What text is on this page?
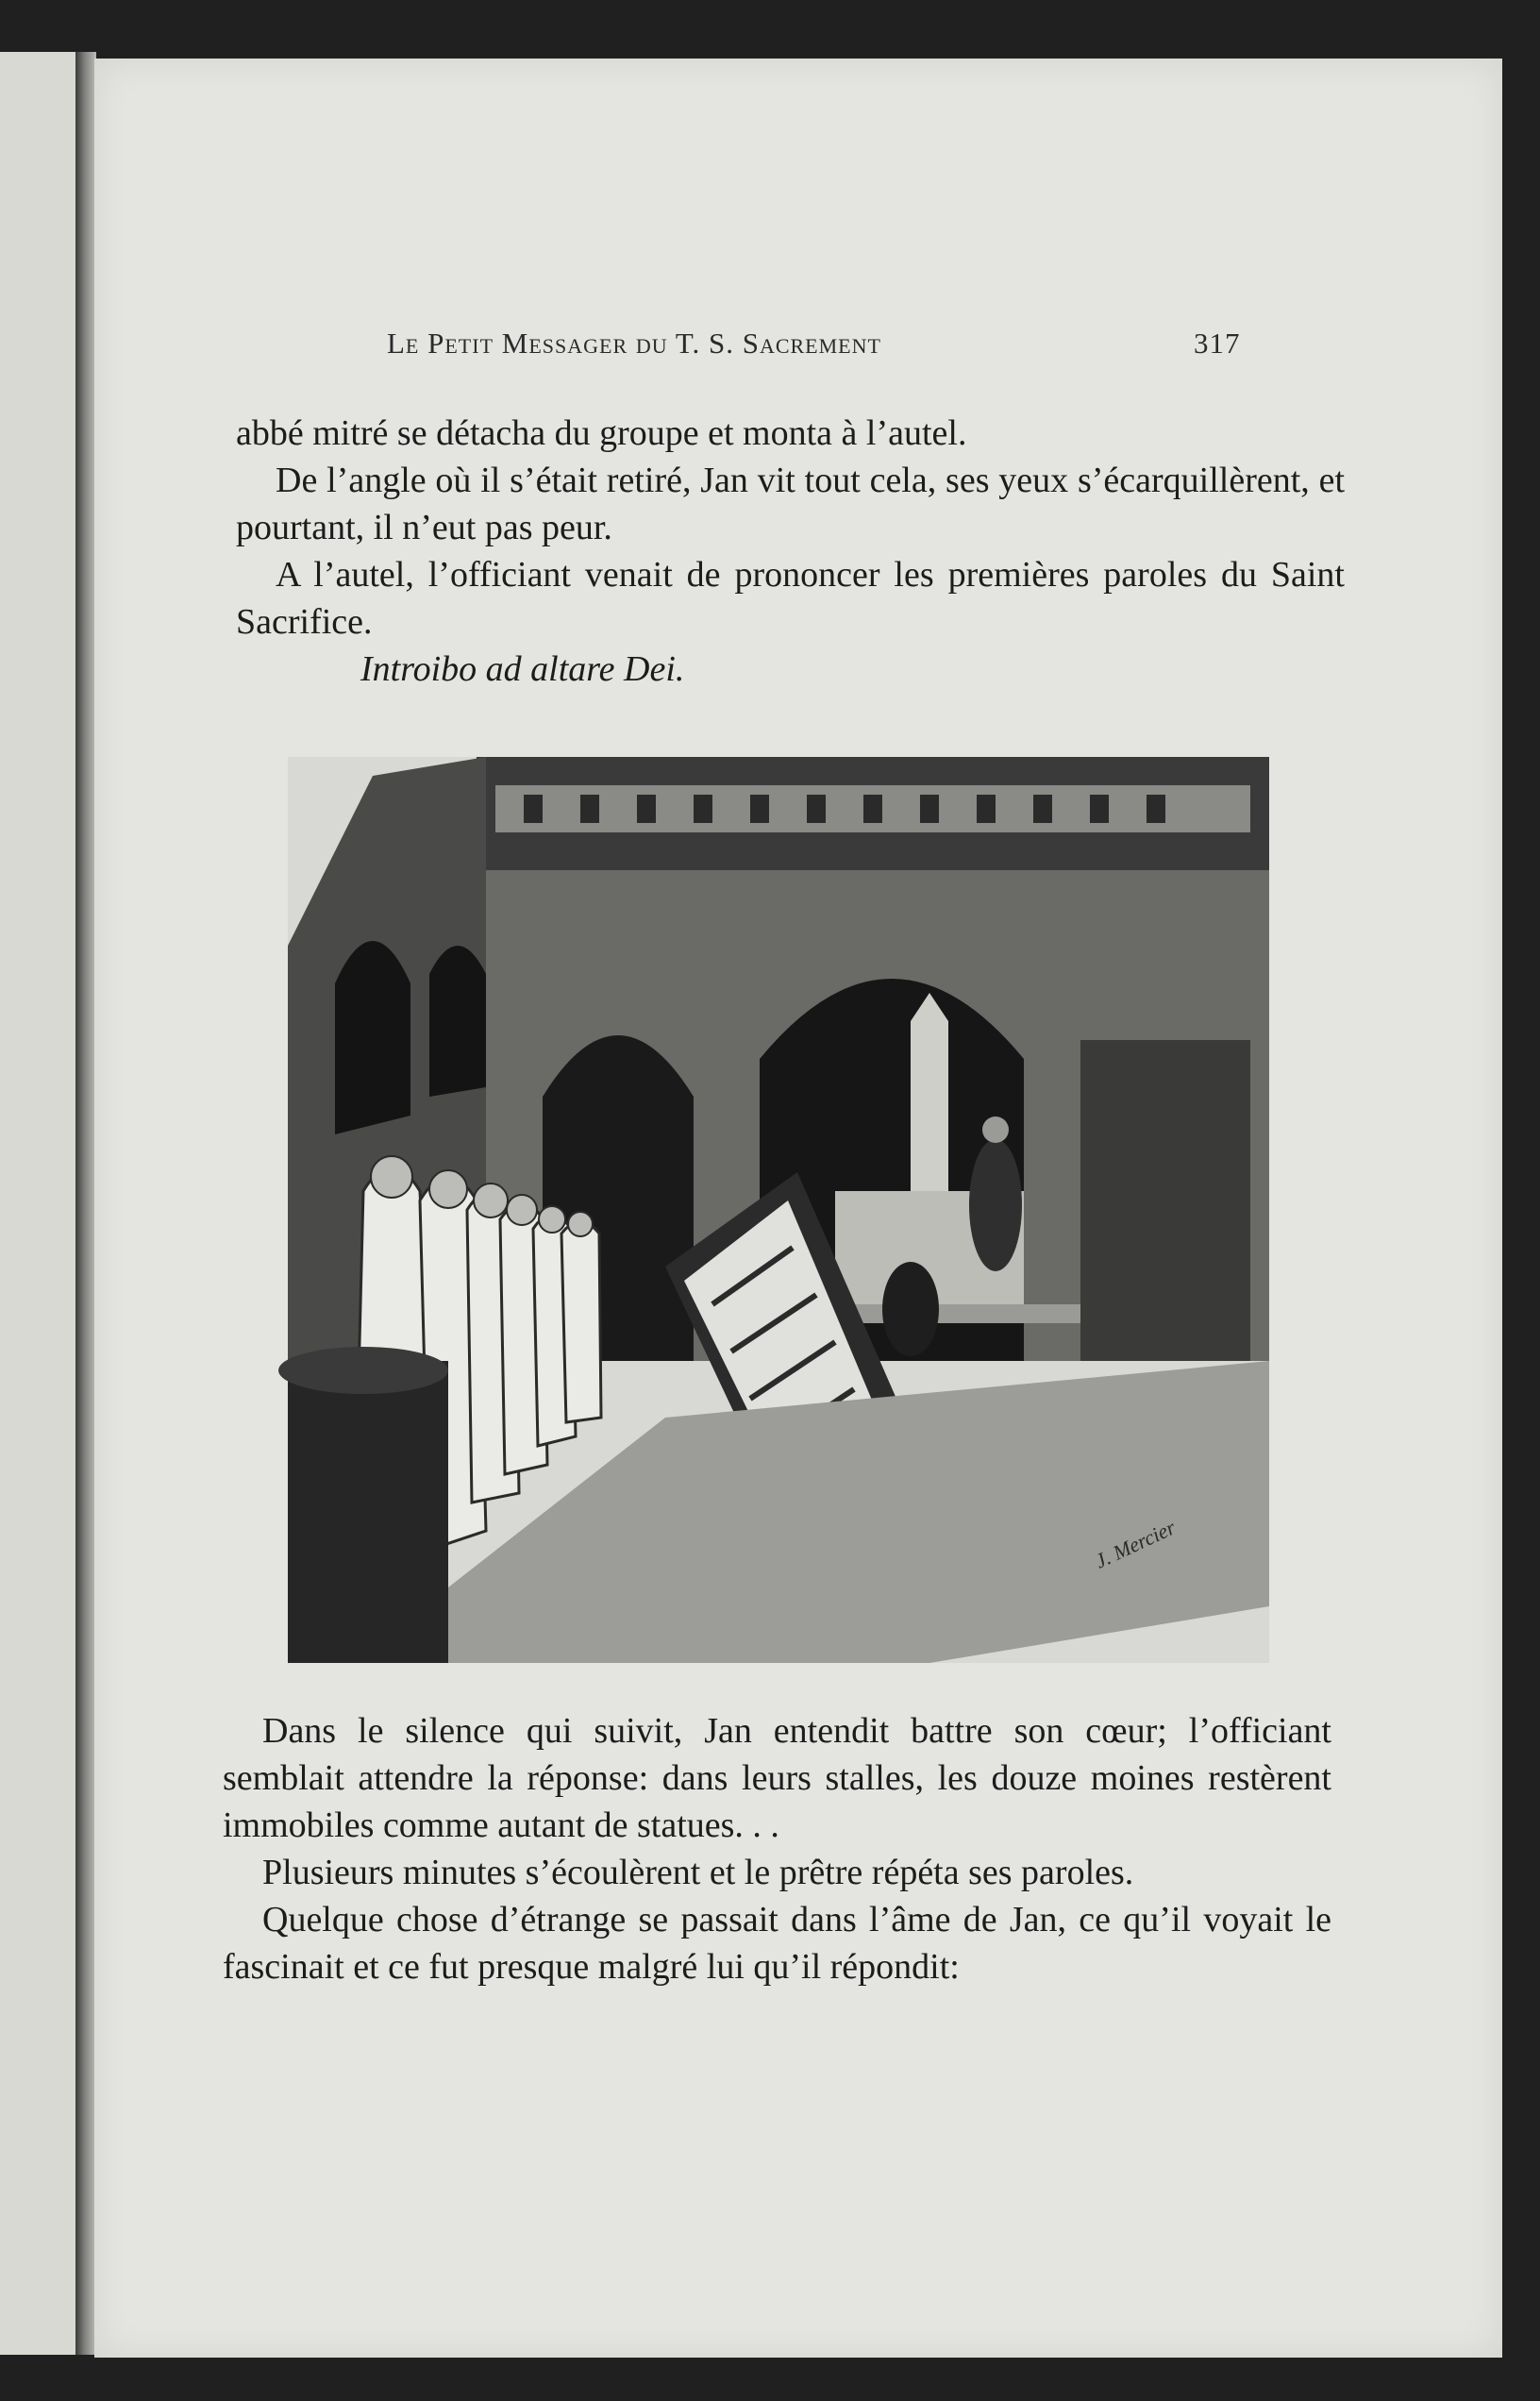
Le Petit Messager du T. S. Sacrement	317

abbé mitré se détacha du groupe et monta à l’autel.

De l’angle où il s’était retiré, Jan vit tout cela, ses yeux s’écarquillèrent, et pourtant, il n’eut pas peur.

A l’autel, l’officiant venait de prononcer les premières paroles du Saint Sacrifice.

Introibo ad altare Dei.

J. Mercier

Dans le silence qui suivit, Jan entendit battre son cœur; l’officiant semblait attendre la réponse: dans leurs stalles, les douze moines restèrent immobiles comme autant de statues. . .

Plusieurs minutes s’écoulèrent et le prêtre répéta ses paroles.

Quelque chose d’étrange se passait dans l’âme de Jan, ce qu’il voyait le fascinait et ce fut presque malgré lui qu’il répondit:
